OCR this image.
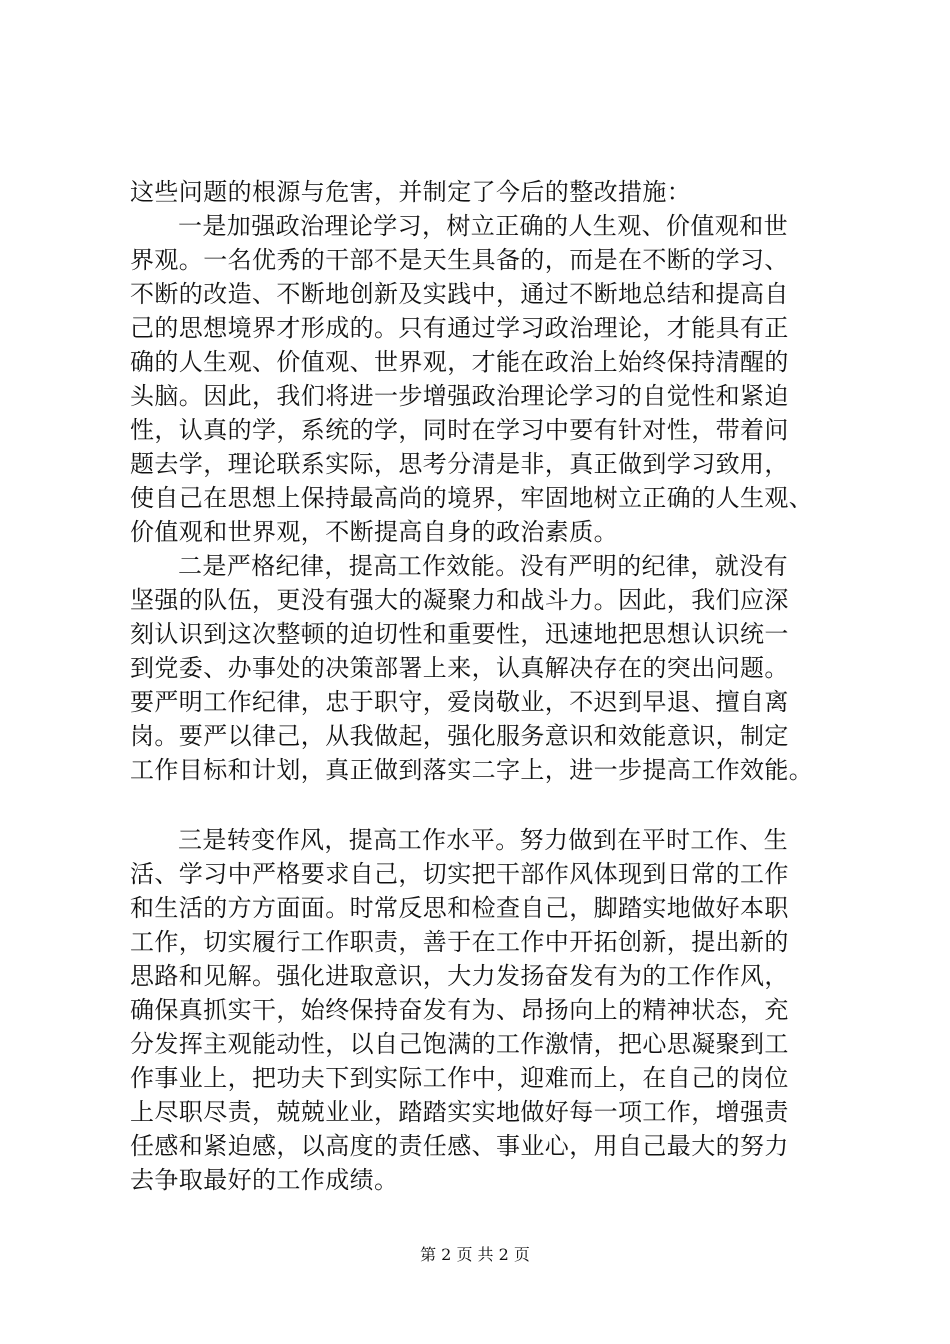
这些问题的根源与危害，并制定了今后的整改措施：
一是加强政治理论学习，树立正确的人生观、价值观和世
界观。一名优秀的干部不是天生具备的，而是在不断的学习、
不断的改造、不断地创新及实践中，通过不断地总结和提高自
己的思想境界才形成的。只有通过学习政治理论，才能具有正
确的人生观、价值观、世界观，才能在政治上始终保持清醒的
头脑。因此，我们将进一步增强政治理论学习的自觉性和紧迫
性，认真的学，系统的学，同时在学习中要有针对性，带着问
题去学，理论联系实际，思考分清是非，真正做到学习致用，
使自己在思想上保持最高尚的境界，牢固地树立正确的人生观、
价值观和世界观，不断提高自身的政治素质。
二是严格纪律，提高工作效能。没有严明的纪律，就没有
坚强的队伍，更没有强大的凝聚力和战斗力。因此，我们应深
刻认识到这次整顿的迫切性和重要性，迅速地把思想认识统一
到党委、办事处的决策部署上来，认真解决存在的突出问题。
要严明工作纪律，忠于职守，爱岗敬业，不迟到早退、擅自离
岗。要严以律己，从我做起，强化服务意识和效能意识，制定
工作目标和计划，真正做到落实二字上，进一步提高工作效能。
三是转变作风，提高工作水平。努力做到在平时工作、生
活、学习中严格要求自己，切实把干部作风体现到日常的工作
和生活的方方面面。时常反思和检查自己，脚踏实地做好本职
工作，切实履行工作职责，善于在工作中开拓创新，提出新的
思路和见解。强化进取意识，大力发扬奋发有为的工作作风，
确保真抓实干，始终保持奋发有为、昂扬向上的精神状态，充
分发挥主观能动性，以自己饱满的工作激情，把心思凝聚到工
作事业上，把功夫下到实际工作中，迎难而上，在自己的岗位
上尽职尽责，兢兢业业，踏踏实实地做好每一项工作，增强责
任感和紧迫感，以高度的责任感、事业心，用自己最大的努力
去争取最好的工作成绩。
第 2 页 共 2 页
